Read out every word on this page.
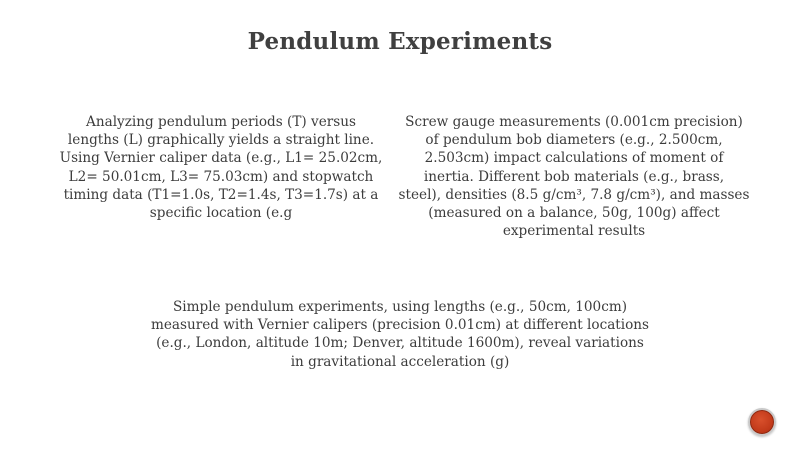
Pendulum Experiments
Analyzing pendulum periods (T) versus
lengths (L) graphically yields a straight line.
Using Vernier caliper data (e.g., L1= 25.02cm,
L2= 50.01cm, L3= 75.03cm) and stopwatch
timing data (T1=1.0s, T2=1.4s, T3=1.7s) at a
specific location (e.g
Screw gauge measurements (0.001cm precision)
of pendulum bob diameters (e.g., 2.500cm,
2.503cm) impact calculations of moment of
inertia. Different bob materials (e.g., brass,
steel), densities (8.5 g/cm³, 7.8 g/cm³), and masses
(measured on a balance, 50g, 100g) affect
experimental results
Simple pendulum experiments, using lengths (e.g., 50cm, 100cm)
measured with Vernier calipers (precision 0.01cm) at different locations
(e.g., London, altitude 10m; Denver, altitude 1600m), reveal variations
in gravitational acceleration (g)
